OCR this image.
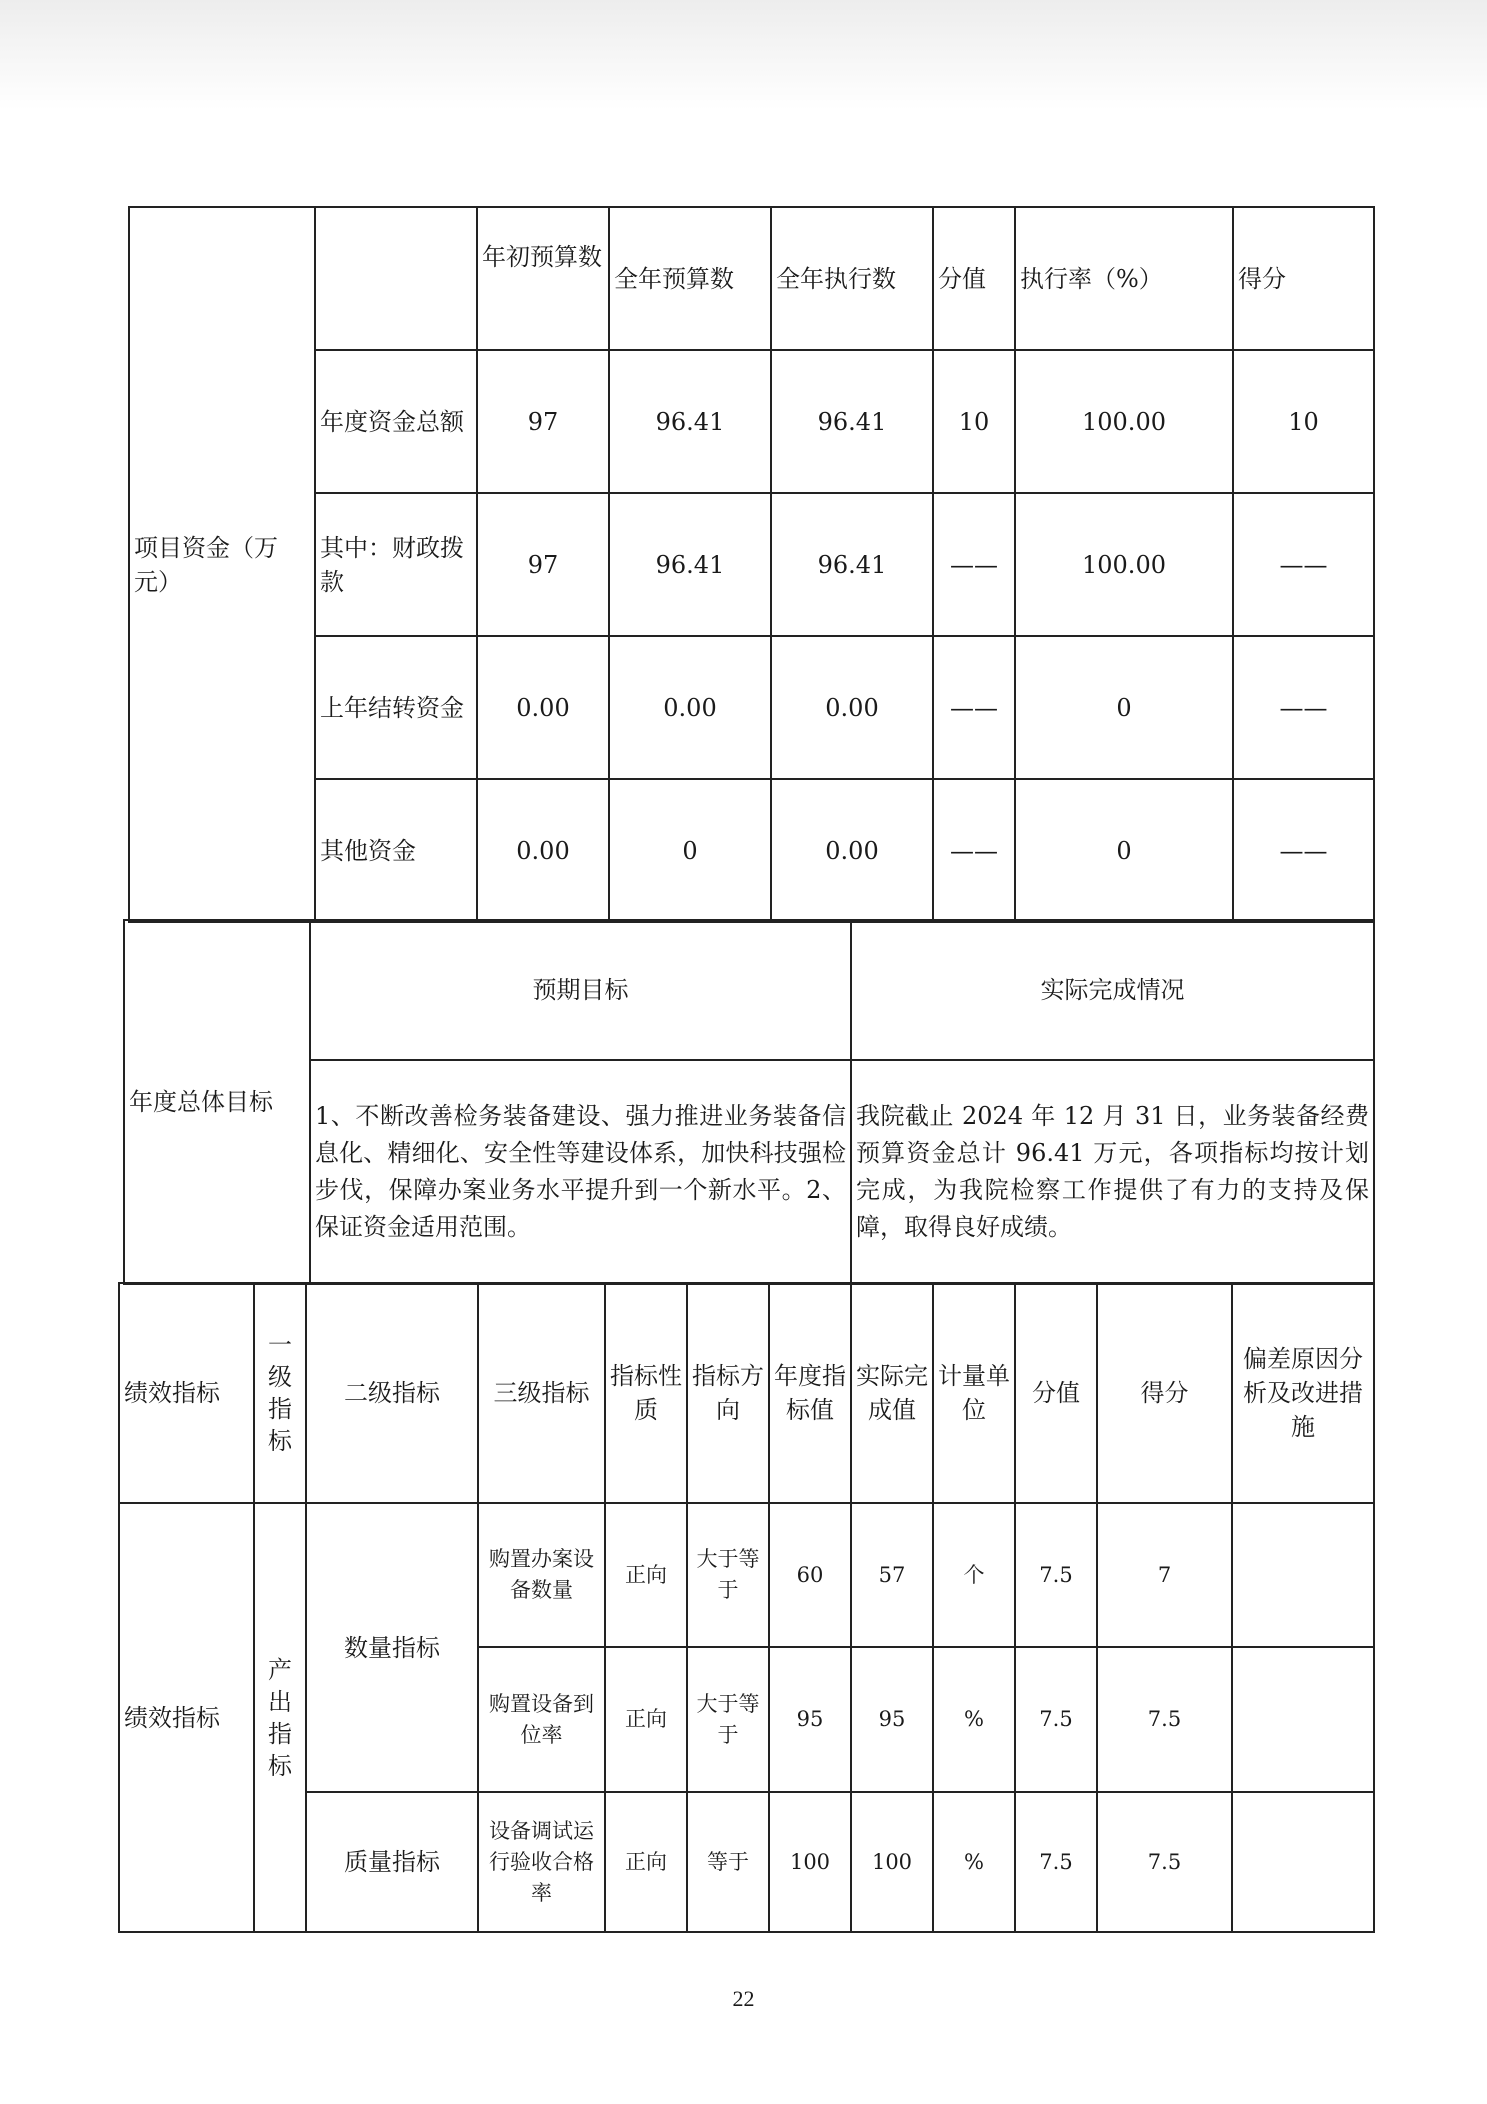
项目资金（万元）		年初预算数	全年预算数	全年执行数	分值	执行率（%）	得分
	年度资金总额	97	96.41	96.41	10	100.00	10
	其中：财政拨款	97	96.41	96.41	——	100.00	——
	上年结转资金	0.00	0.00	0.00	——	0	——
	其他资金	0.00	0	0.00	——	0	——
年度总体目标	预期目标	实际完成情况
	1、不断改善检务装备建设、强力推进业务装备信息化、精细化、安全性等建设体系，加快科技强检步伐，保障办案业务水平提升到一个新水平。2、保证资金适用范围。	我院截止 2024 年 12 月 31 日，业务装备经费预算资金总计 96.41 万元，各项指标均按计划完成，为我院检察工作提供了有力的支持及保障，取得良好成绩。
绩效指标	一级指标	二级指标	三级指标	指标性质	指标方向	年度指标值	实际完成值	计量单位	分值	得分	偏差原因分析及改进措施
绩效指标	产出指标	数量指标	购置办案设备数量	正向	大于等于	60	57	个	7.5	7	
			购置设备到位率	正向	大于等于	95	95	%	7.5	7.5	
		质量指标	设备调试运行验收合格率	正向	等于	100	100	%	7.5	7.5	
22
